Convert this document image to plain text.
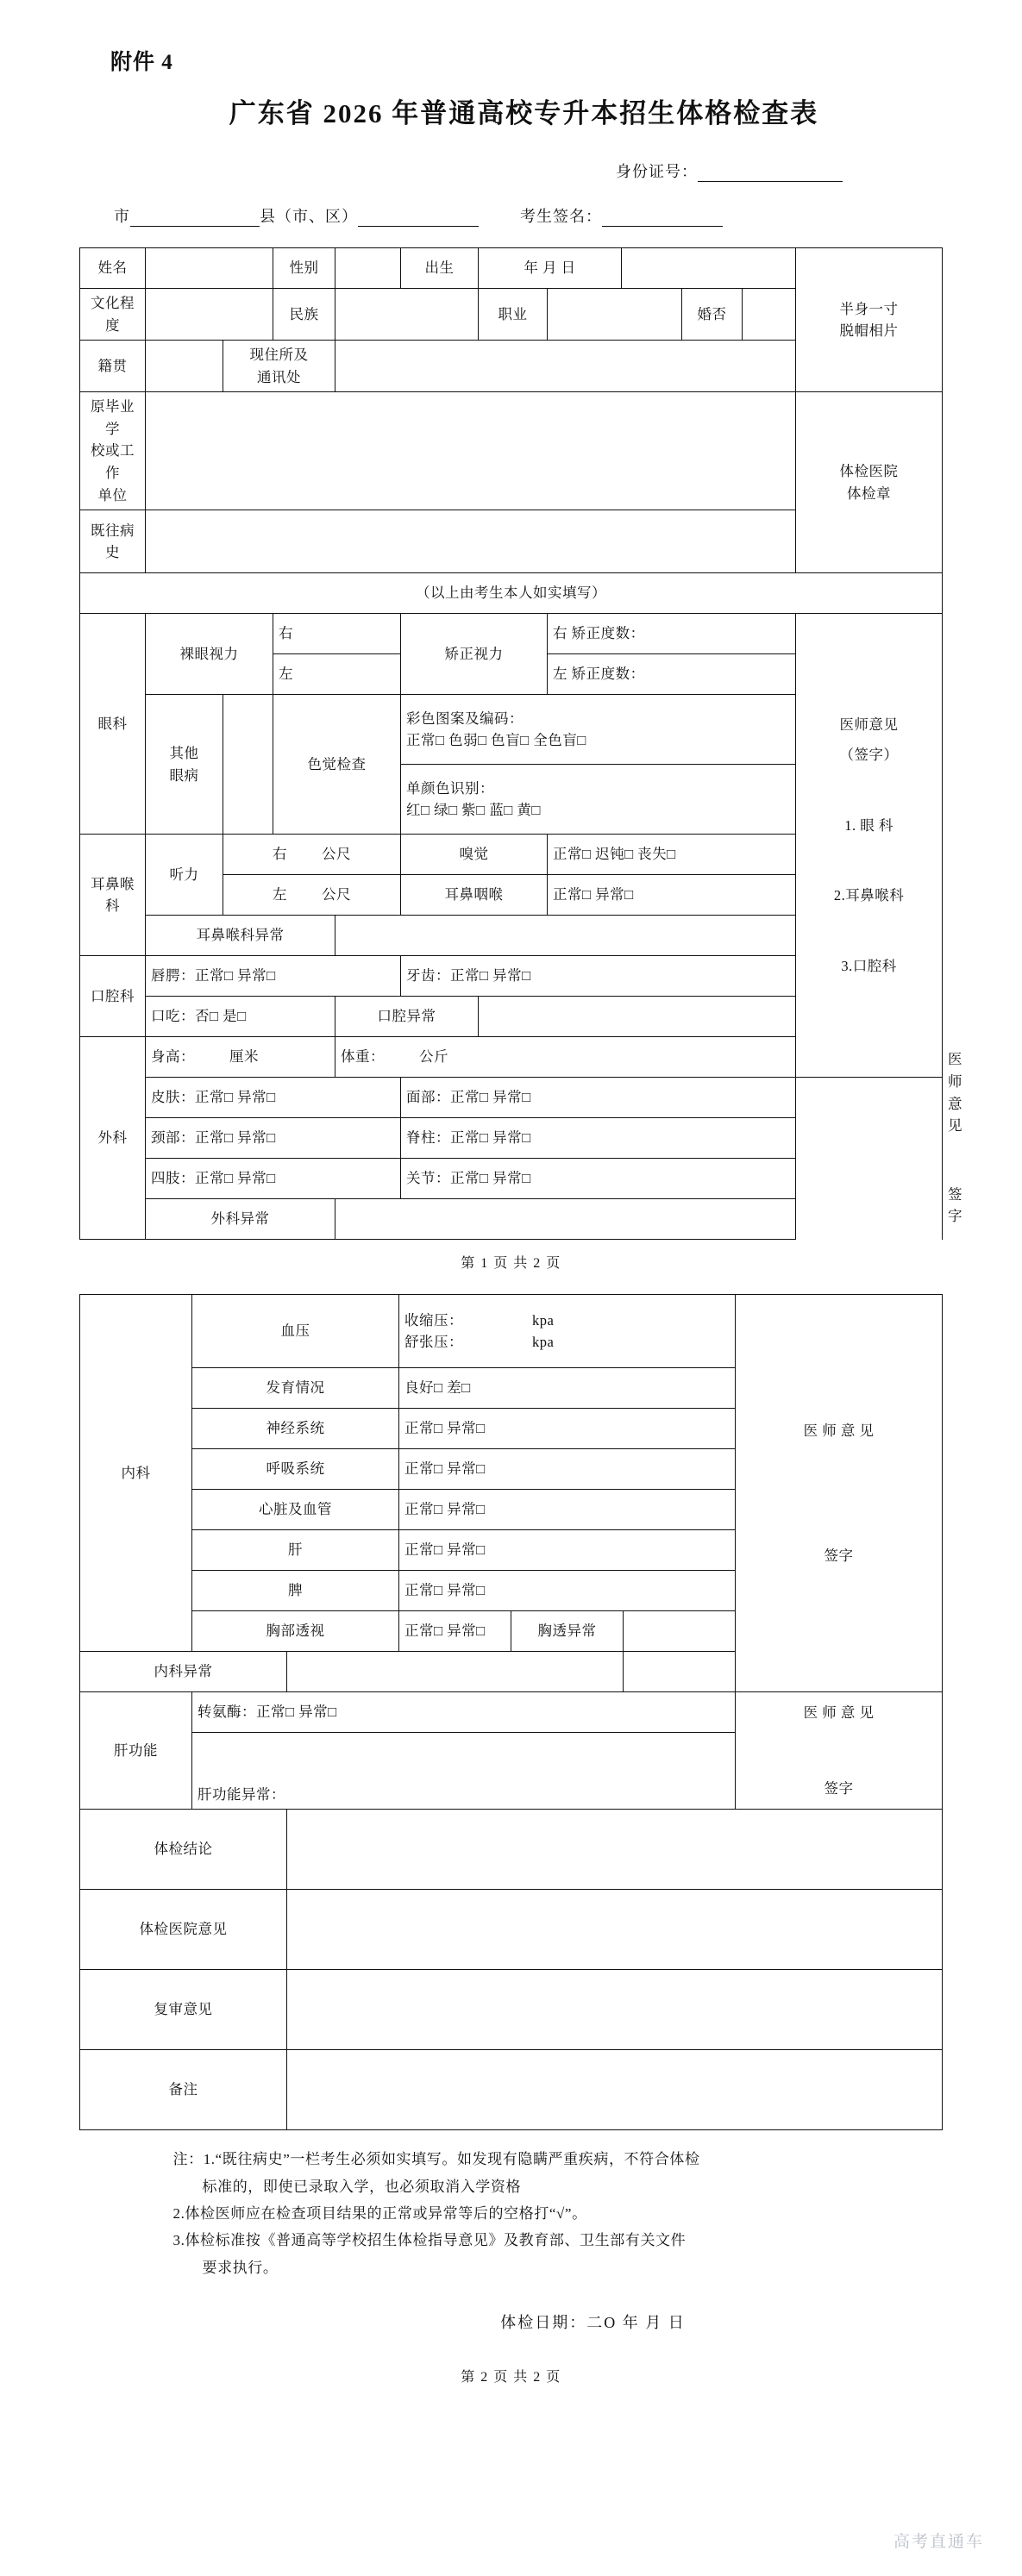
附件 4
广东省 2026 年普通高校专升本招生体格检查表
身份证号：
市	县（市、区）	考生签名：
姓名			性别		出生	年 月 日					半身一寸
脱帽相片	

文化程度			民族			职业			婚否			
籍贯		现住所及
通讯处										

原毕业学
校或工作
单位

体检医院
体检章

既往病史												
（以上由考生本人如实填写）												
眼科	裸眼视力		右		矫正视力		右 矫正度数：				医师意见
（签字）
1. 眼 科
2.耳鼻喉科
3.口腔科	

			左				左 矫正度数：					

其他
眼病
		色觉检查	
彩色图案及编码：
正常□ 色弱□ 色盲□ 全色盲□

					单颜色识别：
红□ 绿□ 紫□ 蓝□ 黄□							

耳鼻喉科	听力	右 公尺			嗅觉		正常□ 迟钝□ 丧失□					
		左 公尺			耳鼻咽喉		正常□ 异常□					
	耳鼻喉科异常											
口腔科	唇腭：正常□ 异常□				牙齿：正常□ 异常□							
	口吃：否□ 是□			口腔异常								
外科	身高： 厘米			体重： 公斤								医师意见
签字

	皮肤：正常□ 异常□				面部：正常□ 异常□							
	颈部：正常□ 异常□				脊柱：正常□ 异常□							
	四肢：正常□ 异常□				关节：正常□ 异常□							
	外科异常											
第 1 页 共 2 页
内科	血压	
收缩压：	kpa
舒张压：	kpa

医 师 意 见
签字

	发育情况		良好□ 差□			
	神经系统		正常□ 异常□			
	呼吸系统		正常□ 异常□			
	心脏及血管		正常□ 异常□			
	肝		正常□ 异常□			
	脾		正常□ 异常□			
	胸部透视		正常□ 异常□	胸透异常		
内科异常						
肝功能	转氨酶：正常□ 异常□					医 师 意 见
签字

	肝功能异常：					
体检结论						
体检医院意见						
复审意见						
备注						
注：1.“既往病史”一栏考生必须如实填写。如发现有隐瞒严重疾病，不符合体检
标准的，即使已录取入学，也必须取消入学资格
2.体检医师应在检查项目结果的正常或异常等后的空格打“√”。
3.体检标准按《普通高等学校招生体检指导意见》及教育部、卫生部有关文件
要求执行。
体检日期：二O 年 月 日
第 2 页 共 2 页
高考直通车
